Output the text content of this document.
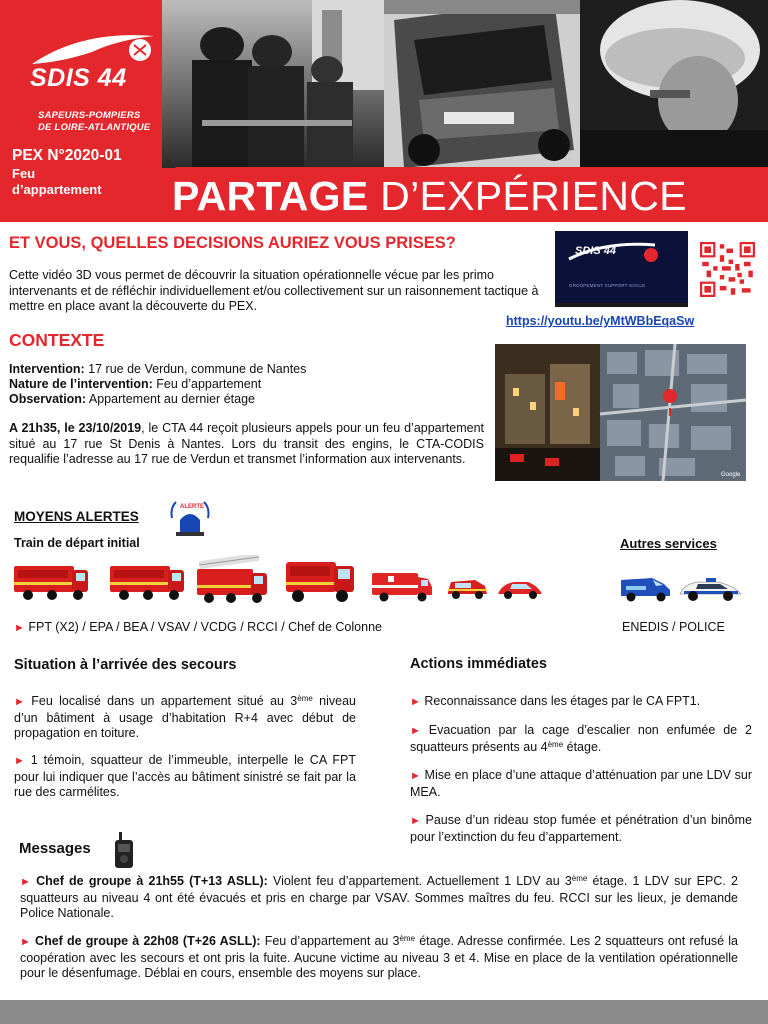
SDIS 44
SAPEURS-POMPIERS
DE LOIRE-ATLANTIQUE
PEX N°2020-01
Feu
d’appartement PARTAGE D’EXPÉRIENCE
ET VOUS, QUELLES DECISIONS AURIEZ VOUS PRISES?
Cette vidéo 3D vous permet de découvrir la situation opérationnelle vécue par les primo intervenants et de réfléchir individuellement et/ou collectivement sur un raisonnement tactique à mettre en place avant la découverte du PEX.
SDIS 44
GROUPEMENT SUPPORT SOCLE
https://youtu.be/yMtWBbEqaSw
CONTEXTE
Intervention: 17 rue de Verdun, commune de Nantes
Nature de l’intervention: Feu d’appartement
Observation: Appartement au dernier étage
A 21h35, le 23/10/2019, le CTA 44 reçoit plusieurs appels pour un feu d’appartement situé au 17 rue St Denis à Nantes. Lors du transit des engins, le CTA-CODIS requalifie l’adresse au 17 rue de Verdun et transmet l’information aux intervenants.
Google
MOYENS ALERTES
ALERTE
Train de départ initial	Autres services
► FPT (X2) / EPA / BEA / VSAV / VCDG / RCCI / Chef de Colonne	ENEDIS / POLICE
Situation à l’arrivée des secours
► Feu localisé dans un appartement situé au 3ème niveau d’un bâtiment à usage d’habitation R+4 avec début de propagation en toiture.
► 1 témoin, squatteur de l’immeuble, interpelle le CA FPT pour lui indiquer que l’accès au bâtiment sinistré se fait par la rue des carmélites.
Actions immédiates
► Reconnaissance dans les étages par le CA FPT1.
► Evacuation par la cage d’escalier non enfumée de 2 squatteurs présents au 4ème étage.
► Mise en place d’une attaque d’atténuation par une LDV sur MEA.
► Pause d’un rideau stop fumée et pénétration d’un binôme pour l’extinction du feu d’appartement.
Messages
► Chef de groupe à 21h55 (T+13 ASLL): Violent feu d’appartement. Actuellement 1 LDV au 3ème étage. 1 LDV sur EPC. 2 squatteurs au niveau 4 ont été évacués et pris en charge par VSAV. Sommes maîtres du feu. RCCI sur les lieux, je demande Police Nationale.
► Chef de groupe à 22h08 (T+26 ASLL): Feu d’appartement au 3ème étage. Adresse confirmée. Les 2 squatteurs ont refusé la coopération avec les secours et ont pris la fuite. Aucune victime au niveau 3 et 4. Mise en place de la ventilation opérationnelle pour le désenfumage. Déblai en cours, ensemble des moyens sur place.
